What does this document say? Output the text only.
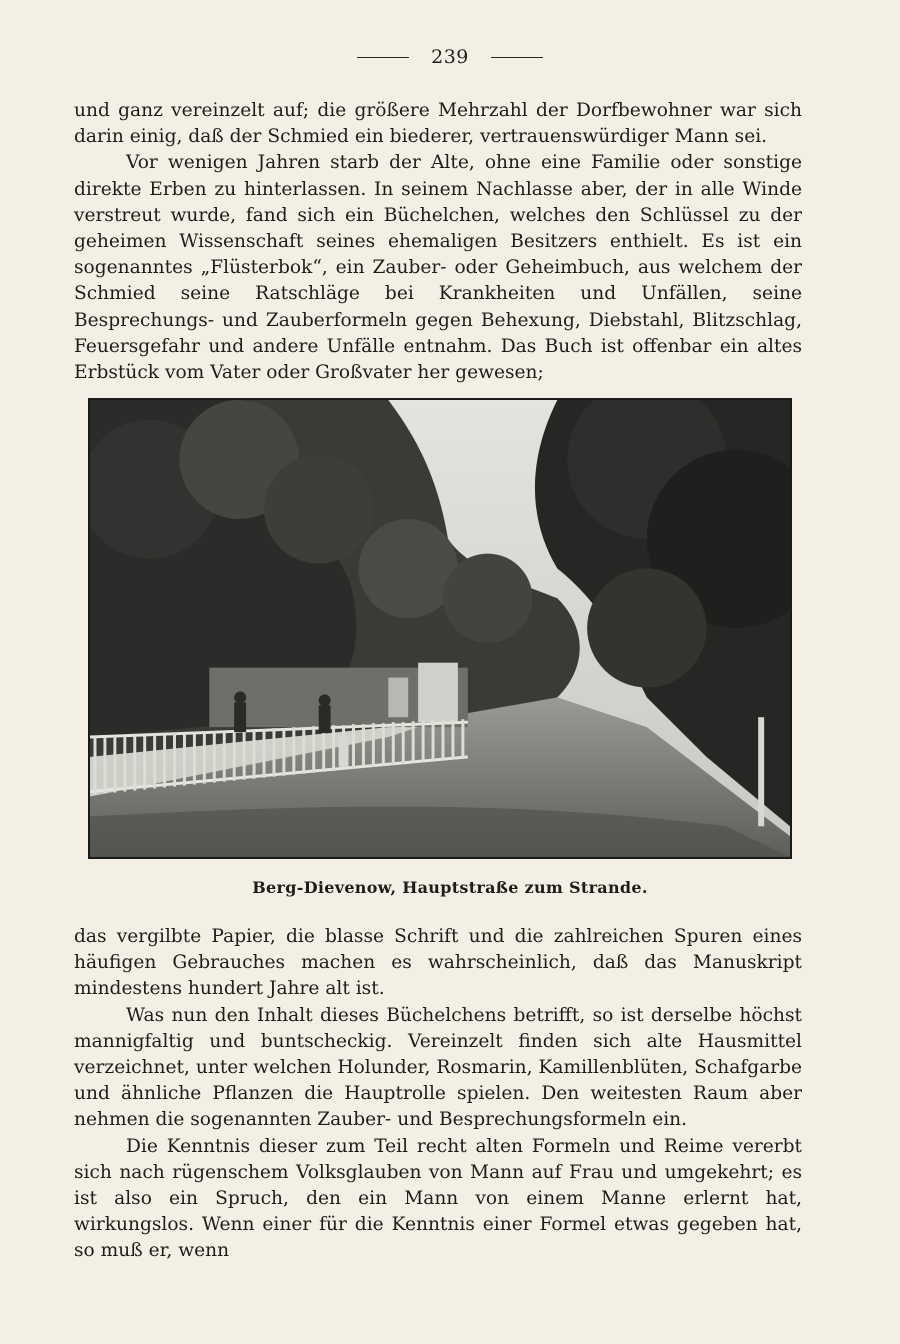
239

und ganz vereinzelt auf; die größere Mehrzahl der Dorfbewohner war sich darin einig, daß der Schmied ein biederer, vertrauenswürdiger Mann sei.

Vor wenigen Jahren starb der Alte, ohne eine Familie oder sonstige direkte Erben zu hinterlassen. In seinem Nachlasse aber, der in alle Winde verstreut wurde, fand sich ein Büchelchen, welches den Schlüssel zu der geheimen Wissenschaft seines ehemaligen Besitzers enthielt. Es ist ein sogenanntes „Flüsterbok“, ein Zauber- oder Geheimbuch, aus welchem der Schmied seine Ratschläge bei Krankheiten und Unfällen, seine Besprechungs- und Zauberformeln gegen Behexung, Diebstahl, Blitzschlag, Feuersgefahr und andere Unfälle entnahm. Das Buch ist offenbar ein altes Erbstück vom Vater oder Großvater her gewesen;

Berg-Dievenow, Hauptstraße zum Strande.

das vergilbte Papier, die blasse Schrift und die zahlreichen Spuren eines häufigen Gebrauches machen es wahrscheinlich, daß das Manuskript mindestens hundert Jahre alt ist.

Was nun den Inhalt dieses Büchelchens betrifft, so ist derselbe höchst mannigfaltig und buntscheckig. Vereinzelt finden sich alte Hausmittel verzeichnet, unter welchen Holunder, Rosmarin, Kamillenblüten, Schafgarbe und ähnliche Pflanzen die Hauptrolle spielen. Den weitesten Raum aber nehmen die sogenannten Zauber- und Besprechungsformeln ein.

Die Kenntnis dieser zum Teil recht alten Formeln und Reime vererbt sich nach rügenschem Volksglauben von Mann auf Frau und umgekehrt; es ist also ein Spruch, den ein Mann von einem Manne erlernt hat, wirkungslos. Wenn einer für die Kenntnis einer Formel etwas gegeben hat, so muß er, wenn
